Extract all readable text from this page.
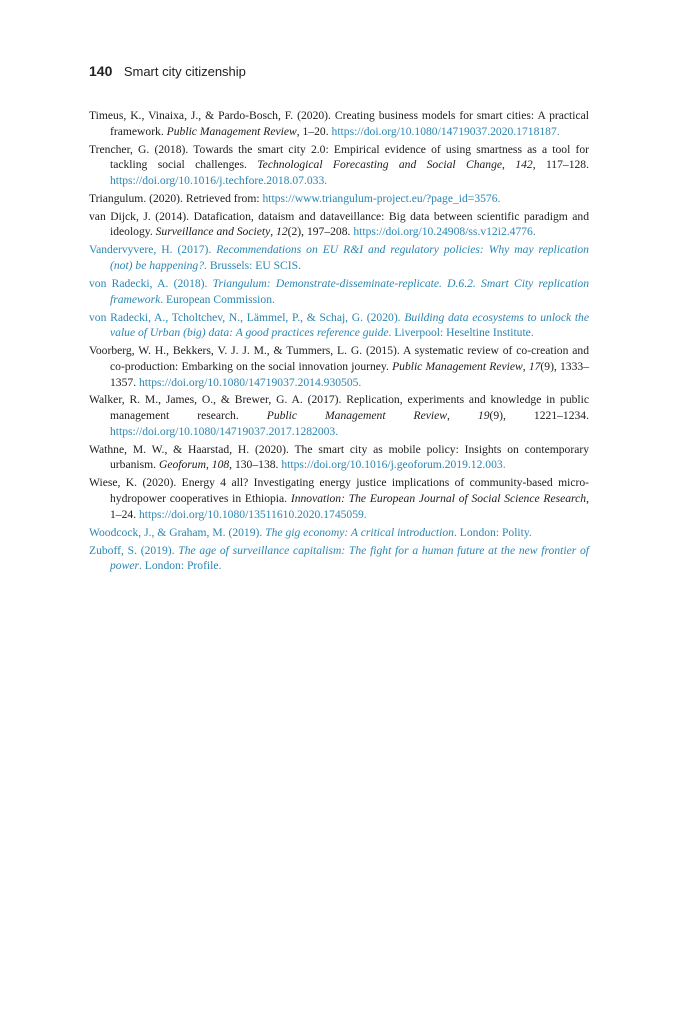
140 Smart city citizenship

Timeus, K., Vinaixa, J., & Pardo-Bosch, F. (2020). Creating business models for smart cities: A practical framework. Public Management Review, 1–20. https://doi.org/10.1080/14719037.2020.1718187.

Trencher, G. (2018). Towards the smart city 2.0: Empirical evidence of using smartness as a tool for tackling social challenges. Technological Forecasting and Social Change, 142, 117–128. https://doi.org/10.1016/j.techfore.2018.07.033.

Triangulum. (2020). Retrieved from: https://www.triangulum-project.eu/?page_id=3576.

van Dijck, J. (2014). Datafication, dataism and dataveillance: Big data between scientific paradigm and ideology. Surveillance and Society, 12(2), 197–208. https://doi.org/10.24908/ss.v12i2.4776.

Vandervyvere, H. (2017). Recommendations on EU R&I and regulatory policies: Why may replication (not) be happening?. Brussels: EU SCIS.

von Radecki, A. (2018). Triangulum: Demonstrate-disseminate-replicate. D.6.2. Smart City replication framework. European Commission.

von Radecki, A., Tcholtchev, N., Lämmel, P., & Schaj, G. (2020). Building data ecosystems to unlock the value of Urban (big) data: A good practices reference guide. Liverpool: Heseltine Institute.

Voorberg, W. H., Bekkers, V. J. J. M., & Tummers, L. G. (2015). A systematic review of co-creation and co-production: Embarking on the social innovation journey. Public Management Review, 17(9), 1333–1357. https://doi.org/10.1080/14719037.2014.930505.

Walker, R. M., James, O., & Brewer, G. A. (2017). Replication, experiments and knowledge in public management research. Public Management Review, 19(9), 1221–1234. https://doi.org/10.1080/14719037.2017.1282003.

Wathne, M. W., & Haarstad, H. (2020). The smart city as mobile policy: Insights on contemporary urbanism. Geoforum, 108, 130–138. https://doi.org/10.1016/j.geoforum.2019.12.003.

Wiese, K. (2020). Energy 4 all? Investigating energy justice implications of community-based micro-hydropower cooperatives in Ethiopia. Innovation: The European Journal of Social Science Research, 1–24. https://doi.org/10.1080/13511610.2020.1745059.

Woodcock, J., & Graham, M. (2019). The gig economy: A critical introduction. London: Polity.

Zuboff, S. (2019). The age of surveillance capitalism: The fight for a human future at the new frontier of power. London: Profile.
